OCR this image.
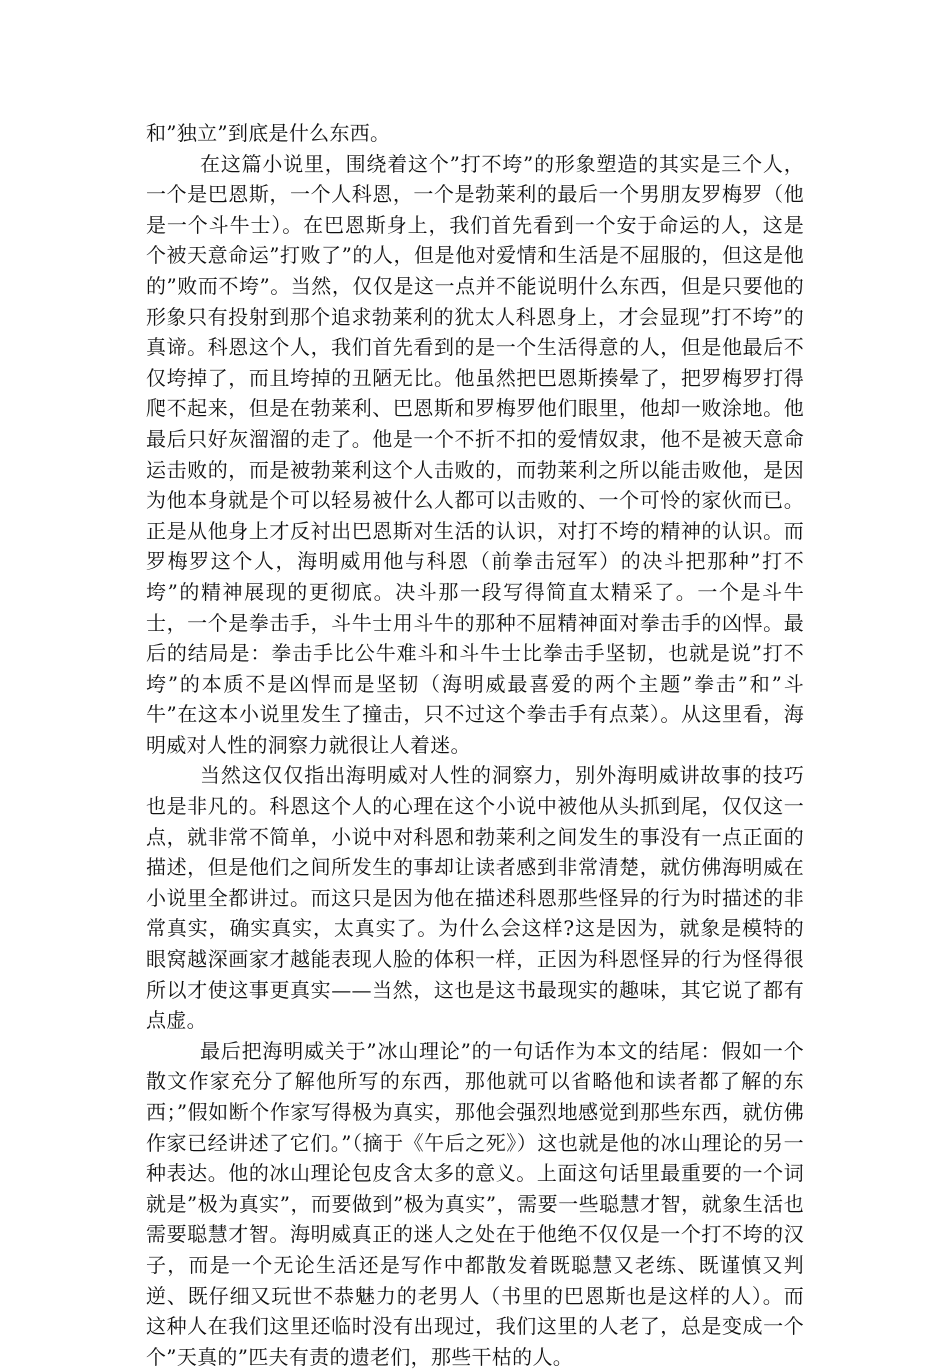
和”独立”到底是什么东西。

在这篇小说里，围绕着这个”打不垮”的形象塑造的其实是三个人，一个是巴恩斯，一个人科恩，一个是勃莱利的最后一个男朋友罗梅罗（他是一个斗牛士）。在巴恩斯身上，我们首先看到一个安于命运的人，这是个被天意命运”打败了”的人，但是他对爱情和生活是不屈服的，但这是他的”败而不垮”。当然，仅仅是这一点并不能说明什么东西，但是只要他的形象只有投射到那个追求勃莱利的犹太人科恩身上，才会显现”打不垮”的真谛。科恩这个人，我们首先看到的是一个生活得意的人，但是他最后不仅垮掉了，而且垮掉的丑陋无比。他虽然把巴恩斯揍晕了，把罗梅罗打得爬不起来，但是在勃莱利、巴恩斯和罗梅罗他们眼里，他却一败涂地。他最后只好灰溜溜的走了。他是一个不折不扣的爱情奴隶，他不是被天意命运击败的，而是被勃莱利这个人击败的，而勃莱利之所以能击败他，是因为他本身就是个可以轻易被什么人都可以击败的、一个可怜的家伙而已。正是从他身上才反衬出巴恩斯对生活的认识，对打不垮的精神的认识。而罗梅罗这个人，海明威用他与科恩（前拳击冠军）的决斗把那种”打不垮”的精神展现的更彻底。决斗那一段写得简直太精采了。一个是斗牛士，一个是拳击手，斗牛士用斗牛的那种不屈精神面对拳击手的凶悍。最后的结局是：拳击手比公牛难斗和斗牛士比拳击手坚韧，也就是说”打不垮”的本质不是凶悍而是坚韧（海明威最喜爱的两个主题”拳击”和”斗牛”在这本小说里发生了撞击，只不过这个拳击手有点菜）。从这里看，海明威对人性的洞察力就很让人着迷。

当然这仅仅指出海明威对人性的洞察力，别外海明威讲故事的技巧也是非凡的。科恩这个人的心理在这个小说中被他从头抓到尾，仅仅这一点，就非常不简单，小说中对科恩和勃莱利之间发生的事没有一点正面的描述，但是他们之间所发生的事却让读者感到非常清楚，就仿佛海明威在小说里全都讲过。而这只是因为他在描述科恩那些怪异的行为时描述的非常真实，确实真实，太真实了。为什么会这样?这是因为，就象是模特的眼窝越深画家才越能表现人脸的体积一样，正因为科恩怪异的行为怪得很所以才使这事更真实——当然，这也是这书最现实的趣味，其它说了都有点虚。

最后把海明威关于”冰山理论”的一句话作为本文的结尾：假如一个散文作家充分了解他所写的东西，那他就可以省略他和读者都了解的东西；”假如断个作家写得极为真实，那他会强烈地感觉到那些东西，就仿佛作家已经讲述了它们。”（摘于《午后之死》）这也就是他的冰山理论的另一种表达。他的冰山理论包皮含太多的意义。上面这句话里最重要的一个词就是”极为真实”，而要做到”极为真实”，需要一些聪慧才智，就象生活也需要聪慧才智。海明威真正的迷人之处在于他绝不仅仅是一个打不垮的汉子，而是一个无论生活还是写作中都散发着既聪慧又老练、既谨慎又判逆、既仔细又玩世不恭魅力的老男人（书里的巴恩斯也是这样的人）。而这种人在我们这里还临时没有出现过，我们这里的人老了，总是变成一个个”天真的”匹夫有责的遗老们，那些干枯的人。
